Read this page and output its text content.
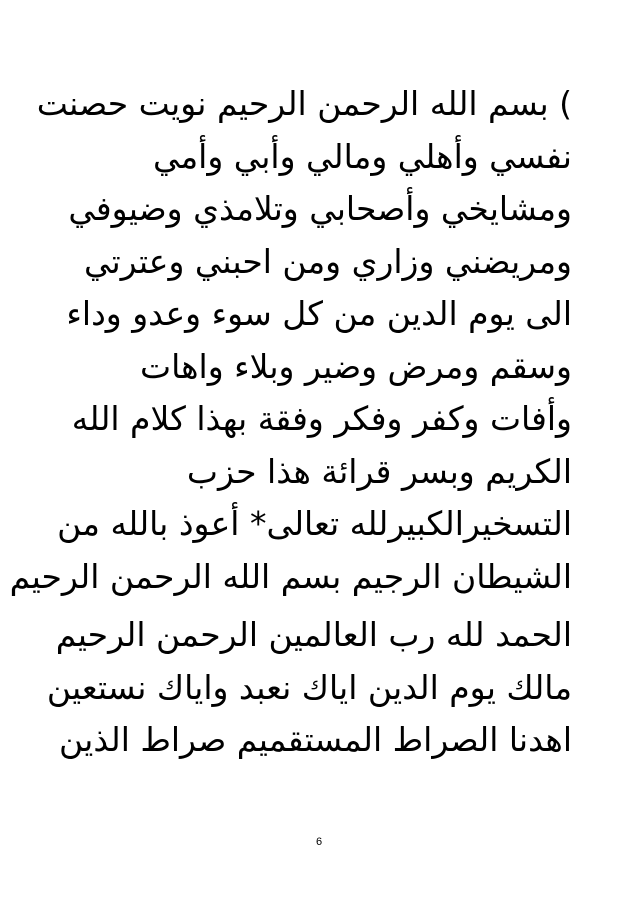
) بسم الله الرحمن الرحيم نويت حصنت
نفسي وأهلي ومالي وأبي وأمي
ومشايخي وأصحابي وتلامذي وضيوفي
ومريضني وزاري ومن احبني وعترتي
الى يوم الدين من كل سوء وعدو وداء
وسقم ومرض وضير وبلاء واهات
وأفات وكفر وفكر وفقة بهذا كلام الله
الكريم وبسر قرائة هذا حزب
التسخيرالكبيرلله تعالى* أعوذ بالله من
الشيطان الرجيم بسم الله الرحمن الرحيم
الحمد لله رب العالمين الرحمن الرحيم
مالك يوم الدين اياك نعبد واياك نستعين
اهدنا الصراط المستقميم صراط الذين
6
